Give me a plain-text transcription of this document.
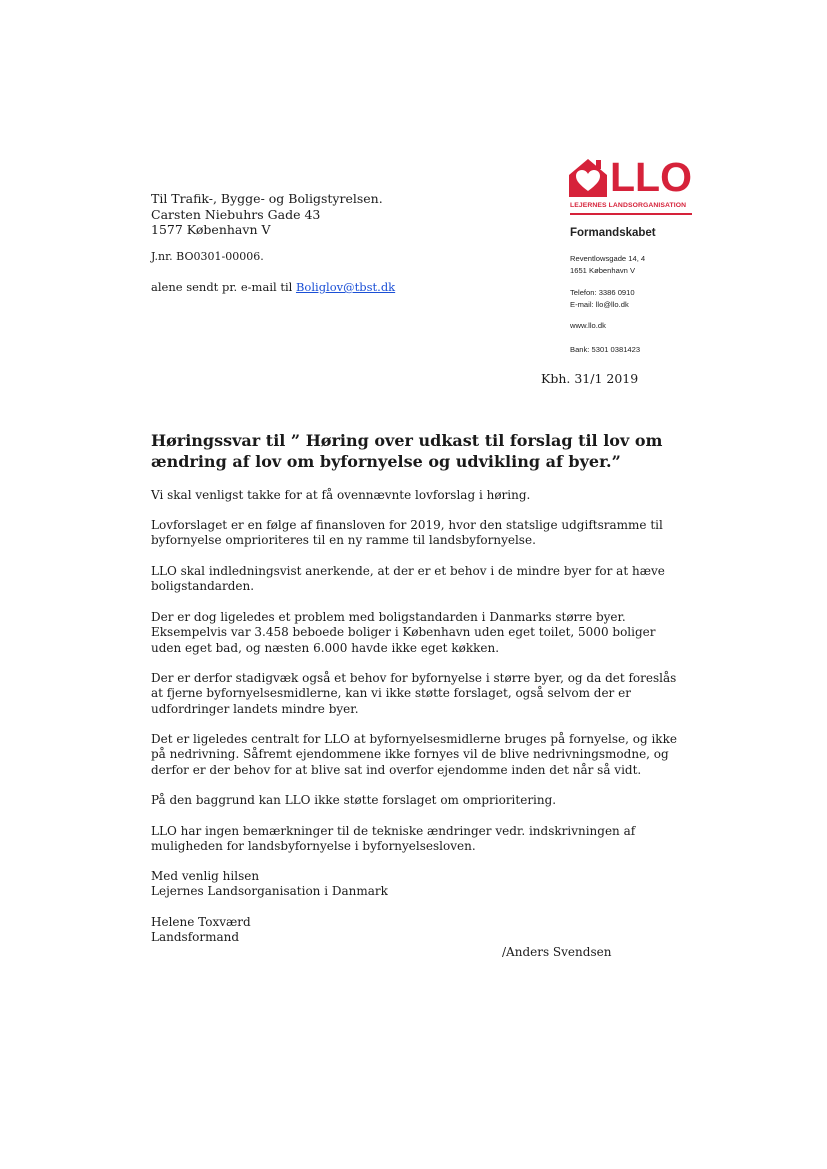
Til Trafik-, Bygge- og Boligstyrelsen.
Carsten Niebuhrs Gade 43
1577 København V
J.nr. BO0301-00006.
alene sendt pr. e-mail til Boliglov@tbst.dk
LLO
LEJERNES LANDSORGANISATION
Formandskabet
Reventlowsgade 14, 4
1651 København V
Telefon: 3386 0910
E-mail: llo@llo.dk
www.llo.dk
Bank: 5301 0381423
Kbh. 31/1 2019
Høringssvar til ” Høring over udkast til forslag til lov om ændring af lov om byfornyelse og udvikling af byer.”

Vi skal venligst takke for at få ovennævnte lovforslag i høring.

Lovforslaget er en følge af finansloven for 2019, hvor den statslige udgiftsramme til byfornyelse omprioriteres til en ny ramme til landsbyfornyelse.

LLO skal indledningsvist anerkende, at der er et behov i de mindre byer for at hæve boligstandarden.

Der er dog ligeledes et problem med boligstandarden i Danmarks større byer. Eksempelvis var 3.458 beboede boliger i København uden eget toilet, 5000 boliger uden eget bad, og næsten 6.000 havde ikke eget køkken.

Der er derfor stadigvæk også et behov for byfornyelse i større byer, og da det foreslås at fjerne byfornyelsesmidlerne, kan vi ikke støtte forslaget, også selvom der er udfordringer landets mindre byer.

Det er ligeledes centralt for LLO at byfornyelsesmidlerne bruges på fornyelse, og ikke på nedrivning. Såfremt ejendommene ikke fornyes vil de blive nedrivningsmodne, og derfor er der behov for at blive sat ind overfor ejendomme inden det når så vidt.

På den baggrund kan LLO ikke støtte forslaget om omprioritering.

LLO har ingen bemærkninger til de tekniske ændringer vedr. indskrivningen af muligheden for landsbyfornyelse i byfornyelsesloven.

Med venlig hilsen
Lejernes Landsorganisation i Danmark
Helene Toxværd
Landsformand
/Anders Svendsen
